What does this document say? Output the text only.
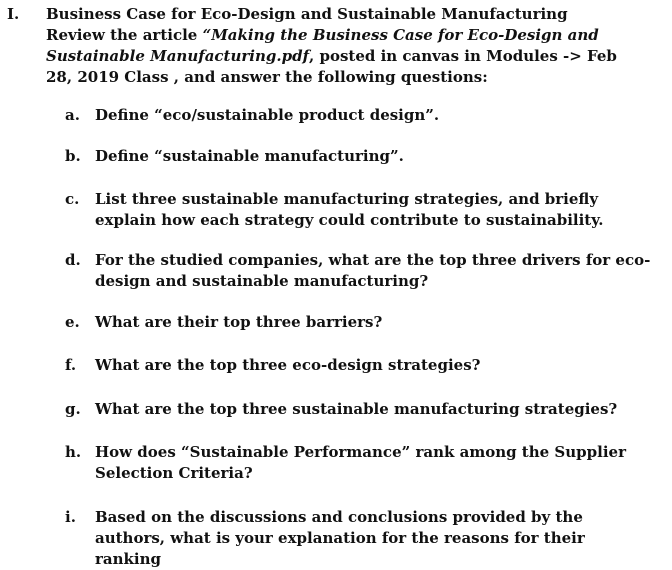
I. Business Case for Eco-Design and Sustainable Manufacturing
Review the article “Making the Business Case for Eco-Design and Sustainable Manufacturing.pdf, posted in canvas in Modules -> Feb 28, 2019 Class , and answer the following questions:
a.	Define “eco/sustainable product design”.
b. Define “sustainable manufacturing”.
c.	List three sustainable manufacturing strategies, and briefly explain how each strategy could contribute to sustainability.
d. For the studied companies, what are the top three drivers for eco-design and sustainable manufacturing?
e.	What are their top three barriers?
f.	What are the top three eco-design strategies?
g. What are the top three sustainable manufacturing strategies?
h. How does “Sustainable Performance” rank among the Supplier Selection Criteria?
i.	Based on the discussions and conclusions provided by the authors, what is your explanation for the reasons for their ranking
